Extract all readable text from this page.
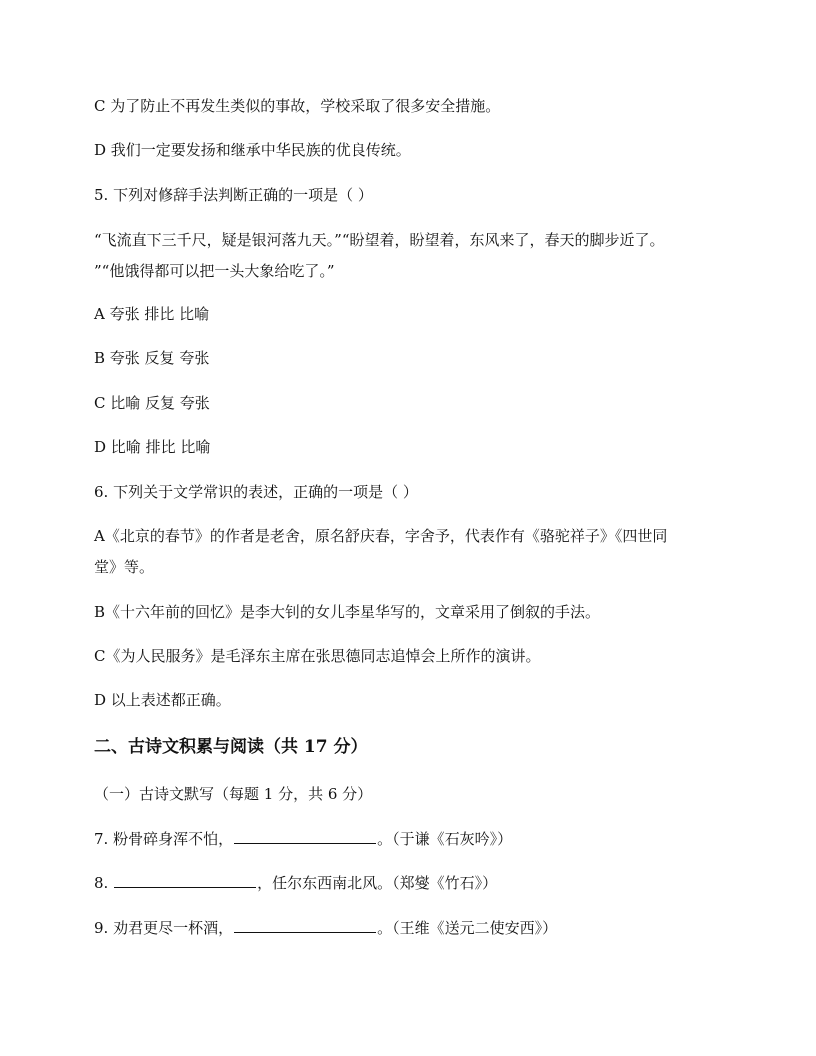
C 为了防止不再发生类似的事故，学校采取了很多安全措施。
D 我们一定要发扬和继承中华民族的优良传统。
5. 下列对修辞手法判断正确的一项是（ ）
“飞流直下三千尺，疑是银河落九天。”“盼望着，盼望着，东风来了，春天的脚步近了。
”“他饿得都可以把一头大象给吃了。”
A 夸张 排比 比喻
B 夸张 反复 夸张
C 比喻 反复 夸张
D 比喻 排比 比喻
6. 下列关于文学常识的表述，正确的一项是（ ）
A《北京的春节》的作者是老舍，原名舒庆春，字舍予，代表作有《骆驼祥子》《四世同
堂》等。
B《十六年前的回忆》是李大钊的女儿李星华写的，文章采用了倒叙的手法。
C《为人民服务》是毛泽东主席在张思德同志追悼会上所作的演讲。
D 以上表述都正确。
二、古诗文积累与阅读（共 17 分）
（一）古诗文默写（每题 1 分，共 6 分）
7. 粉骨碎身浑不怕，	。（于谦《石灰吟》）
8.	，任尔东西南北风。（郑燮《竹石》）
9. 劝君更尽一杯酒，	。（王维《送元二使安西》）
